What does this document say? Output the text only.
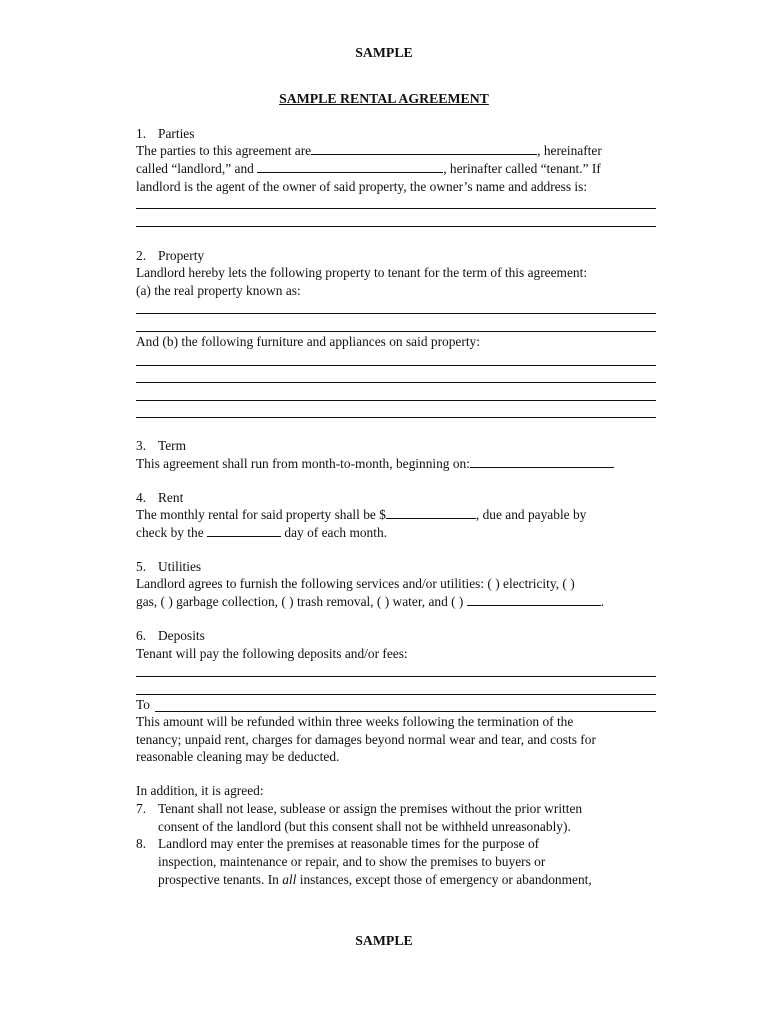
SAMPLE
SAMPLE RENTAL AGREEMENT
1. Parties
The parties to this agreement are	, hereinafter
called “landlord,” and	, herinafter called “tenant.” If
landlord is the agent of the owner of said property, the owner’s name and address is:
2. Property
Landlord hereby lets the following property to tenant for the term of this agreement:
(a) the real property known as:
And (b) the following furniture and appliances on said property:
3. Term
This agreement shall run from month-to-month, beginning on:
4. Rent
The monthly rental for said property shall be $	, due and payable by
check by the	day of each month.
5. Utilities
Landlord agrees to furnish the following services and/or utilities: ( ) electricity, ( )
gas, ( ) garbage collection, ( ) trash removal, ( ) water, and ( )	.
6. Deposits
Tenant will pay the following deposits and/or fees:
To
This amount will be refunded within three weeks following the termination of the
tenancy; unpaid rent, charges for damages beyond normal wear and tear, and costs for
reasonable cleaning may be deducted.
In addition, it is agreed:
7. Tenant shall not lease, sublease or assign the premises without the prior written
consent of the landlord (but this consent shall not be withheld unreasonably).
8. Landlord may enter the premises at reasonable times for the purpose of
inspection, maintenance or repair, and to show the premises to buyers or
prospective tenants. In all instances, except those of emergency or abandonment,
SAMPLE
